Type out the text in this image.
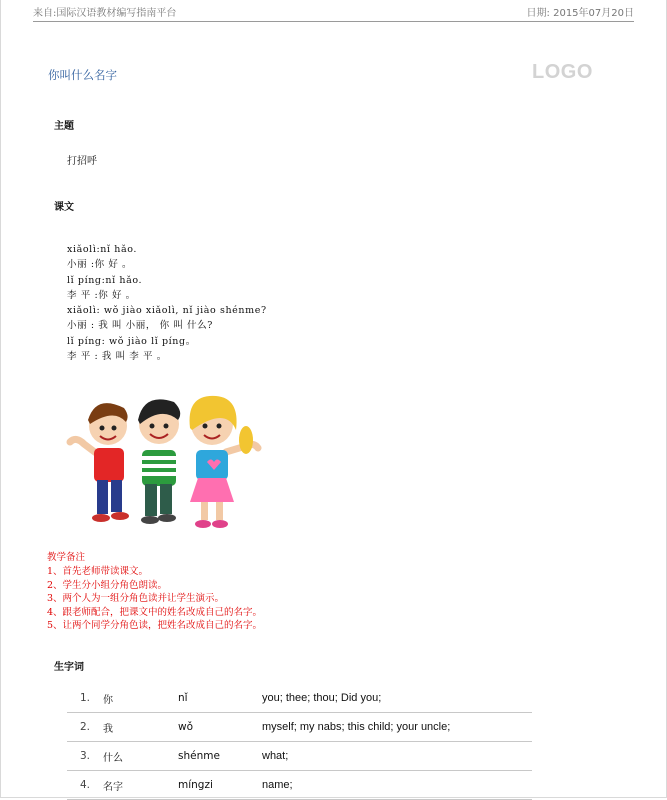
来自:国际汉语教材编写指南平台	日期: 2015年07月20日
你叫什么名字	LOGO
主题
打招呼
课文
xiǎolì:nǐ hǎo.
小丽 :你 好 。
lǐ píng:nǐ hǎo.
李 平 :你 好 。
xiǎolì: wǒ jiào xiǎolì, nǐ jiào shénme?
小丽 : 我 叫 小丽， 你 叫 什么?
lǐ píng: wǒ jiào lǐ píng。
李 平 : 我 叫 李 平 。
教学备注
1、首先老师带读课文。
2、学生分小组分角色朗读。
3、两个人为一组分角色读并让学生演示。
4、跟老师配合，把课文中的姓名改成自己的名字。
5、让两个同学分角色读，把姓名改成自己的名字。
生字词
1.	你	nǐ	you; thee; thou; Did you;
2.	我	wǒ	myself; my nabs; this child; your uncle;
3.	什么	shénme	what;
4.	名字	míngzi	name;
